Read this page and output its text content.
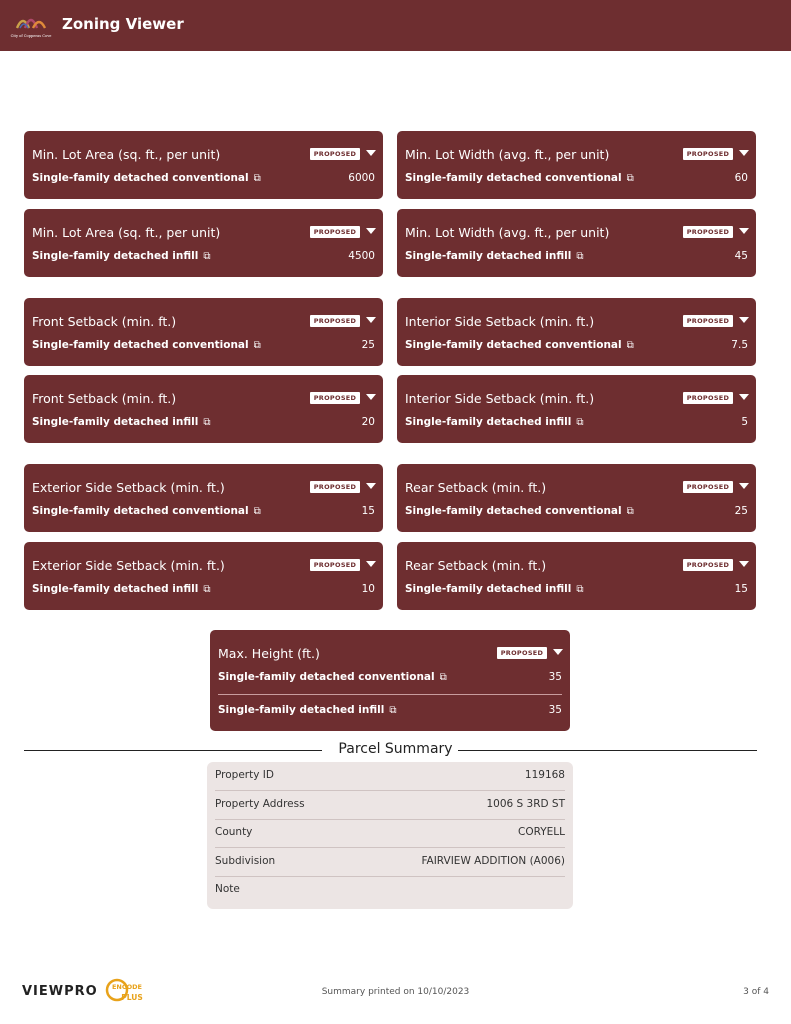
City of Copperas Cove
Zoning Viewer
Min. Lot Area (sq. ft., per unit)	PROPOSED
Single-family detached conventional ⧉	6000
Min. Lot Width (avg. ft., per unit)	PROPOSED
Single-family detached conventional ⧉	60
Min. Lot Area (sq. ft., per unit)	PROPOSED
Single-family detached infill ⧉	4500
Min. Lot Width (avg. ft., per unit)	PROPOSED
Single-family detached infill ⧉	45
Front Setback (min. ft.)	PROPOSED
Single-family detached conventional ⧉	25
Interior Side Setback (min. ft.)	PROPOSED
Single-family detached conventional ⧉	7.5
Front Setback (min. ft.)	PROPOSED
Single-family detached infill ⧉	20
Interior Side Setback (min. ft.)	PROPOSED
Single-family detached infill ⧉	5
Exterior Side Setback (min. ft.)	PROPOSED
Single-family detached conventional ⧉	15
Rear Setback (min. ft.)	PROPOSED
Single-family detached conventional ⧉	25
Exterior Side Setback (min. ft.)	PROPOSED
Single-family detached infill ⧉	10
Rear Setback (min. ft.)	PROPOSED
Single-family detached infill ⧉	15
Max. Height (ft.)	PROPOSED
Single-family detached conventional ⧉	35
Single-family detached infill ⧉	35
Parcel Summary
Property ID	119168
Property Address	1006 S 3RD ST
County	CORYELL
Subdivision	FAIRVIEW ADDITION (A006)
Note
VIEWPRO ENCODE
PLUS
Summary printed on 10/10/2023	3 of 4
